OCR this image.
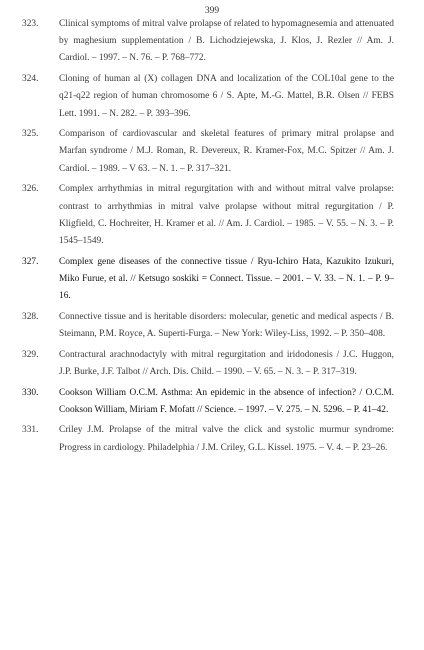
399
323.	Clinical symptoms of mitral valve prolapse of related to hypomagnesemia and attenuated by maghesium supplementation / B. Lichodziejewska, J. Klos, J. Rezler // Am. J. Cardiol. – 1997. – N. 76. – P. 768–772.
324.	Cloning of human al (X) collagen DNA and localization of the COL10al gene to the q21-q22 region of human chromosome 6 / S. Apte, M.-G. Mattel, B.R. Olsen // FEBS Lett. 1991. – N. 282. – P. 393–396.
325.	Comparison of cardiovascular and skeletal features of primary mitral prolapse and Marfan syndrome / M.J. Roman, R. Devereux, R. Kramer-Fox, M.C. Spitzer // Am. J. Cardiol. – 1989. – V 63. – N. 1. – P. 317–321.
326.	Complex arrhythmias in mitral regurgitation with and without mitral valve prolapse: contrast to arrhythmias in mitral valve prolapse without mitral regurgitation / P. Kligfield, C. Hochreiter, H. Kramer et al. // Am. J. Cardiol. – 1985. – V. 55. – N. 3. – P. 1545–1549.
327.	Complex gene diseases of the connective tissue / Ryu-Ichiro Hata, Kazukito Izukuri, Miko Furue, et al. // Ketsugo soskiki = Connect. Tissue. – 2001. – V. 33. – N. 1. – P. 9–16.
328.	Connective tissue and is heritable disorders: molecular, genetic and medical aspects / B. Steimann, P.M. Royce, A. Superti-Furga. – New York: Wiley-Liss, 1992. – P. 350–408.
329.	Contractural arachnodactyly with mitral regurgitation and iridodonesis / J.C. Huggon, J.P. Burke, J.F. Talbot // Arch. Dis. Child. – 1990. – V. 65. – N. 3. – P. 317–319.
330.	Cookson William O.C.M. Asthma: An epidemic in the absence of infection? / O.C.M. Cookson William, Miriam F. Mofatt // Science. – 1997. – V. 275. – N. 5296. – P. 41–42.
331.	Criley J.M. Prolapse of the mitral valve the click and systolic murmur syndrome: Progress in cardiology. Philadelphia / J.M. Criley, G.L. Kissel. 1975. – V. 4. – P. 23–26.
